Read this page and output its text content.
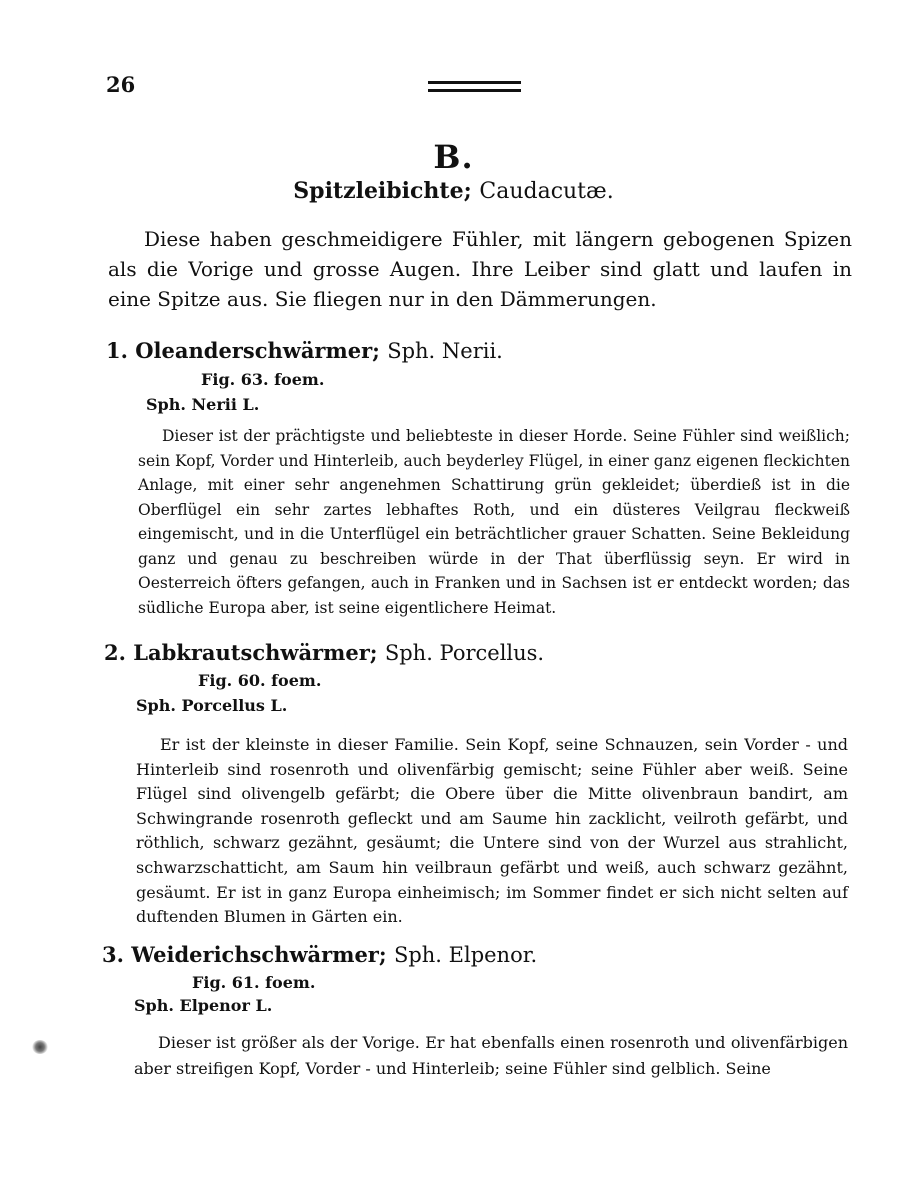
26
B.
Spitzleibichte; Caudacutæ.
Diese haben geschmeidigere Fühler, mit längern gebogenen Spizen als die Vorige und grosse Augen. Ihre Leiber sind glatt und laufen in eine Spitze aus. Sie fliegen nur in den Dämmerungen.
1. Oleanderschwärmer; Sph. Nerii.
Fig. 63. foem.
Sph. Nerii L.
Dieser ist der prächtigste und beliebteste in dieser Horde. Seine Fühler sind weißlich; sein Kopf, Vorder und Hinterleib, auch beyderley Flügel, in einer ganz eigenen fleckichten Anlage, mit einer sehr angenehmen Schattirung grün gekleidet; überdieß ist in die Oberflügel ein sehr zartes lebhaftes Roth, und ein düsteres Veilgrau fleckweiß eingemischt, und in die Unterflügel ein beträchtlicher grauer Schatten. Seine Bekleidung ganz und genau zu beschreiben würde in der That überflüssig seyn. Er wird in Oesterreich öfters gefangen, auch in Franken und in Sachsen ist er entdeckt worden; das südliche Europa aber, ist seine eigentlichere Heimat.
2. Labkrautschwärmer; Sph. Porcellus.
Fig. 60. foem.
Sph. Porcellus L.
Er ist der kleinste in dieser Familie. Sein Kopf, seine Schnauzen, sein Vorder - und Hinterleib sind rosenroth und olivenfärbig gemischt; seine Fühler aber weiß. Seine Flügel sind olivengelb gefärbt; die Obere über die Mitte olivenbraun bandirt, am Schwingrande rosenroth gefleckt und am Saume hin zacklicht, veilroth gefärbt, und röthlich, schwarz gezähnt, gesäumt; die Untere sind von der Wurzel aus strahlicht, schwarzschatticht, am Saum hin veilbraun gefärbt und weiß, auch schwarz gezähnt, gesäumt. Er ist in ganz Europa einheimisch; im Sommer findet er sich nicht selten auf duftenden Blumen in Gärten ein.
3. Weiderichschwärmer; Sph. Elpenor.
Fig. 61. foem.
Sph. Elpenor L.
Dieser ist größer als der Vorige. Er hat ebenfalls einen rosenroth und olivenfärbigen aber streifigen Kopf, Vorder - und Hinterleib; seine Fühler sind gelblich. Seine
